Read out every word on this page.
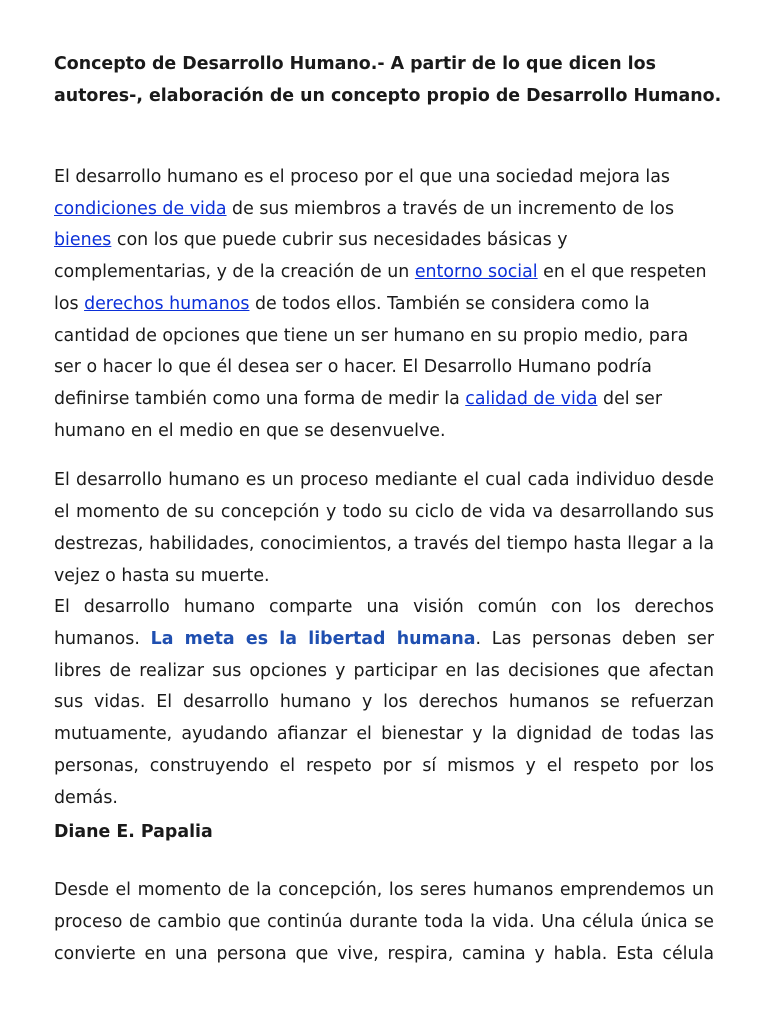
Concepto de Desarrollo Humano.- A partir de lo que dicen los autores-, elaboración de un concepto propio de Desarrollo Humano.

El desarrollo humano es el proceso por el que una sociedad mejora las condiciones de vida de sus miembros a través de un incremento de los bienes con los que puede cubrir sus necesidades básicas y complementarias, y de la creación de un entorno social en el que respeten los derechos humanos de todos ellos. También se considera como la cantidad de opciones que tiene un ser humano en su propio medio, para ser o hacer lo que él desea ser o hacer. El Desarrollo Humano podría definirse también como una forma de medir la calidad de vida del ser humano en el medio en que se desenvuelve.

El desarrollo humano es un proceso mediante el cual cada individuo desde el momento de su concepción y todo su ciclo de vida va desarrollando sus destrezas, habilidades, conocimientos, a través del tiempo hasta llegar a la vejez o hasta su muerte.

El desarrollo humano comparte una visión común con los derechos humanos. La meta es la libertad humana. Las personas deben ser libres de realizar sus opciones y participar en las decisiones que afectan sus vidas. El desarrollo humano y los derechos humanos se refuerzan mutuamente, ayudando afianzar el bienestar y la dignidad de todas las personas, construyendo el respeto por sí mismos y el respeto por los demás.

Diane E. Papalia

Desde el momento de la concepción, los seres humanos emprendemos un proceso de cambio que continúa durante toda la vida. Una célula única se convierte en una persona que vive, respira, camina y habla. Esta célula
